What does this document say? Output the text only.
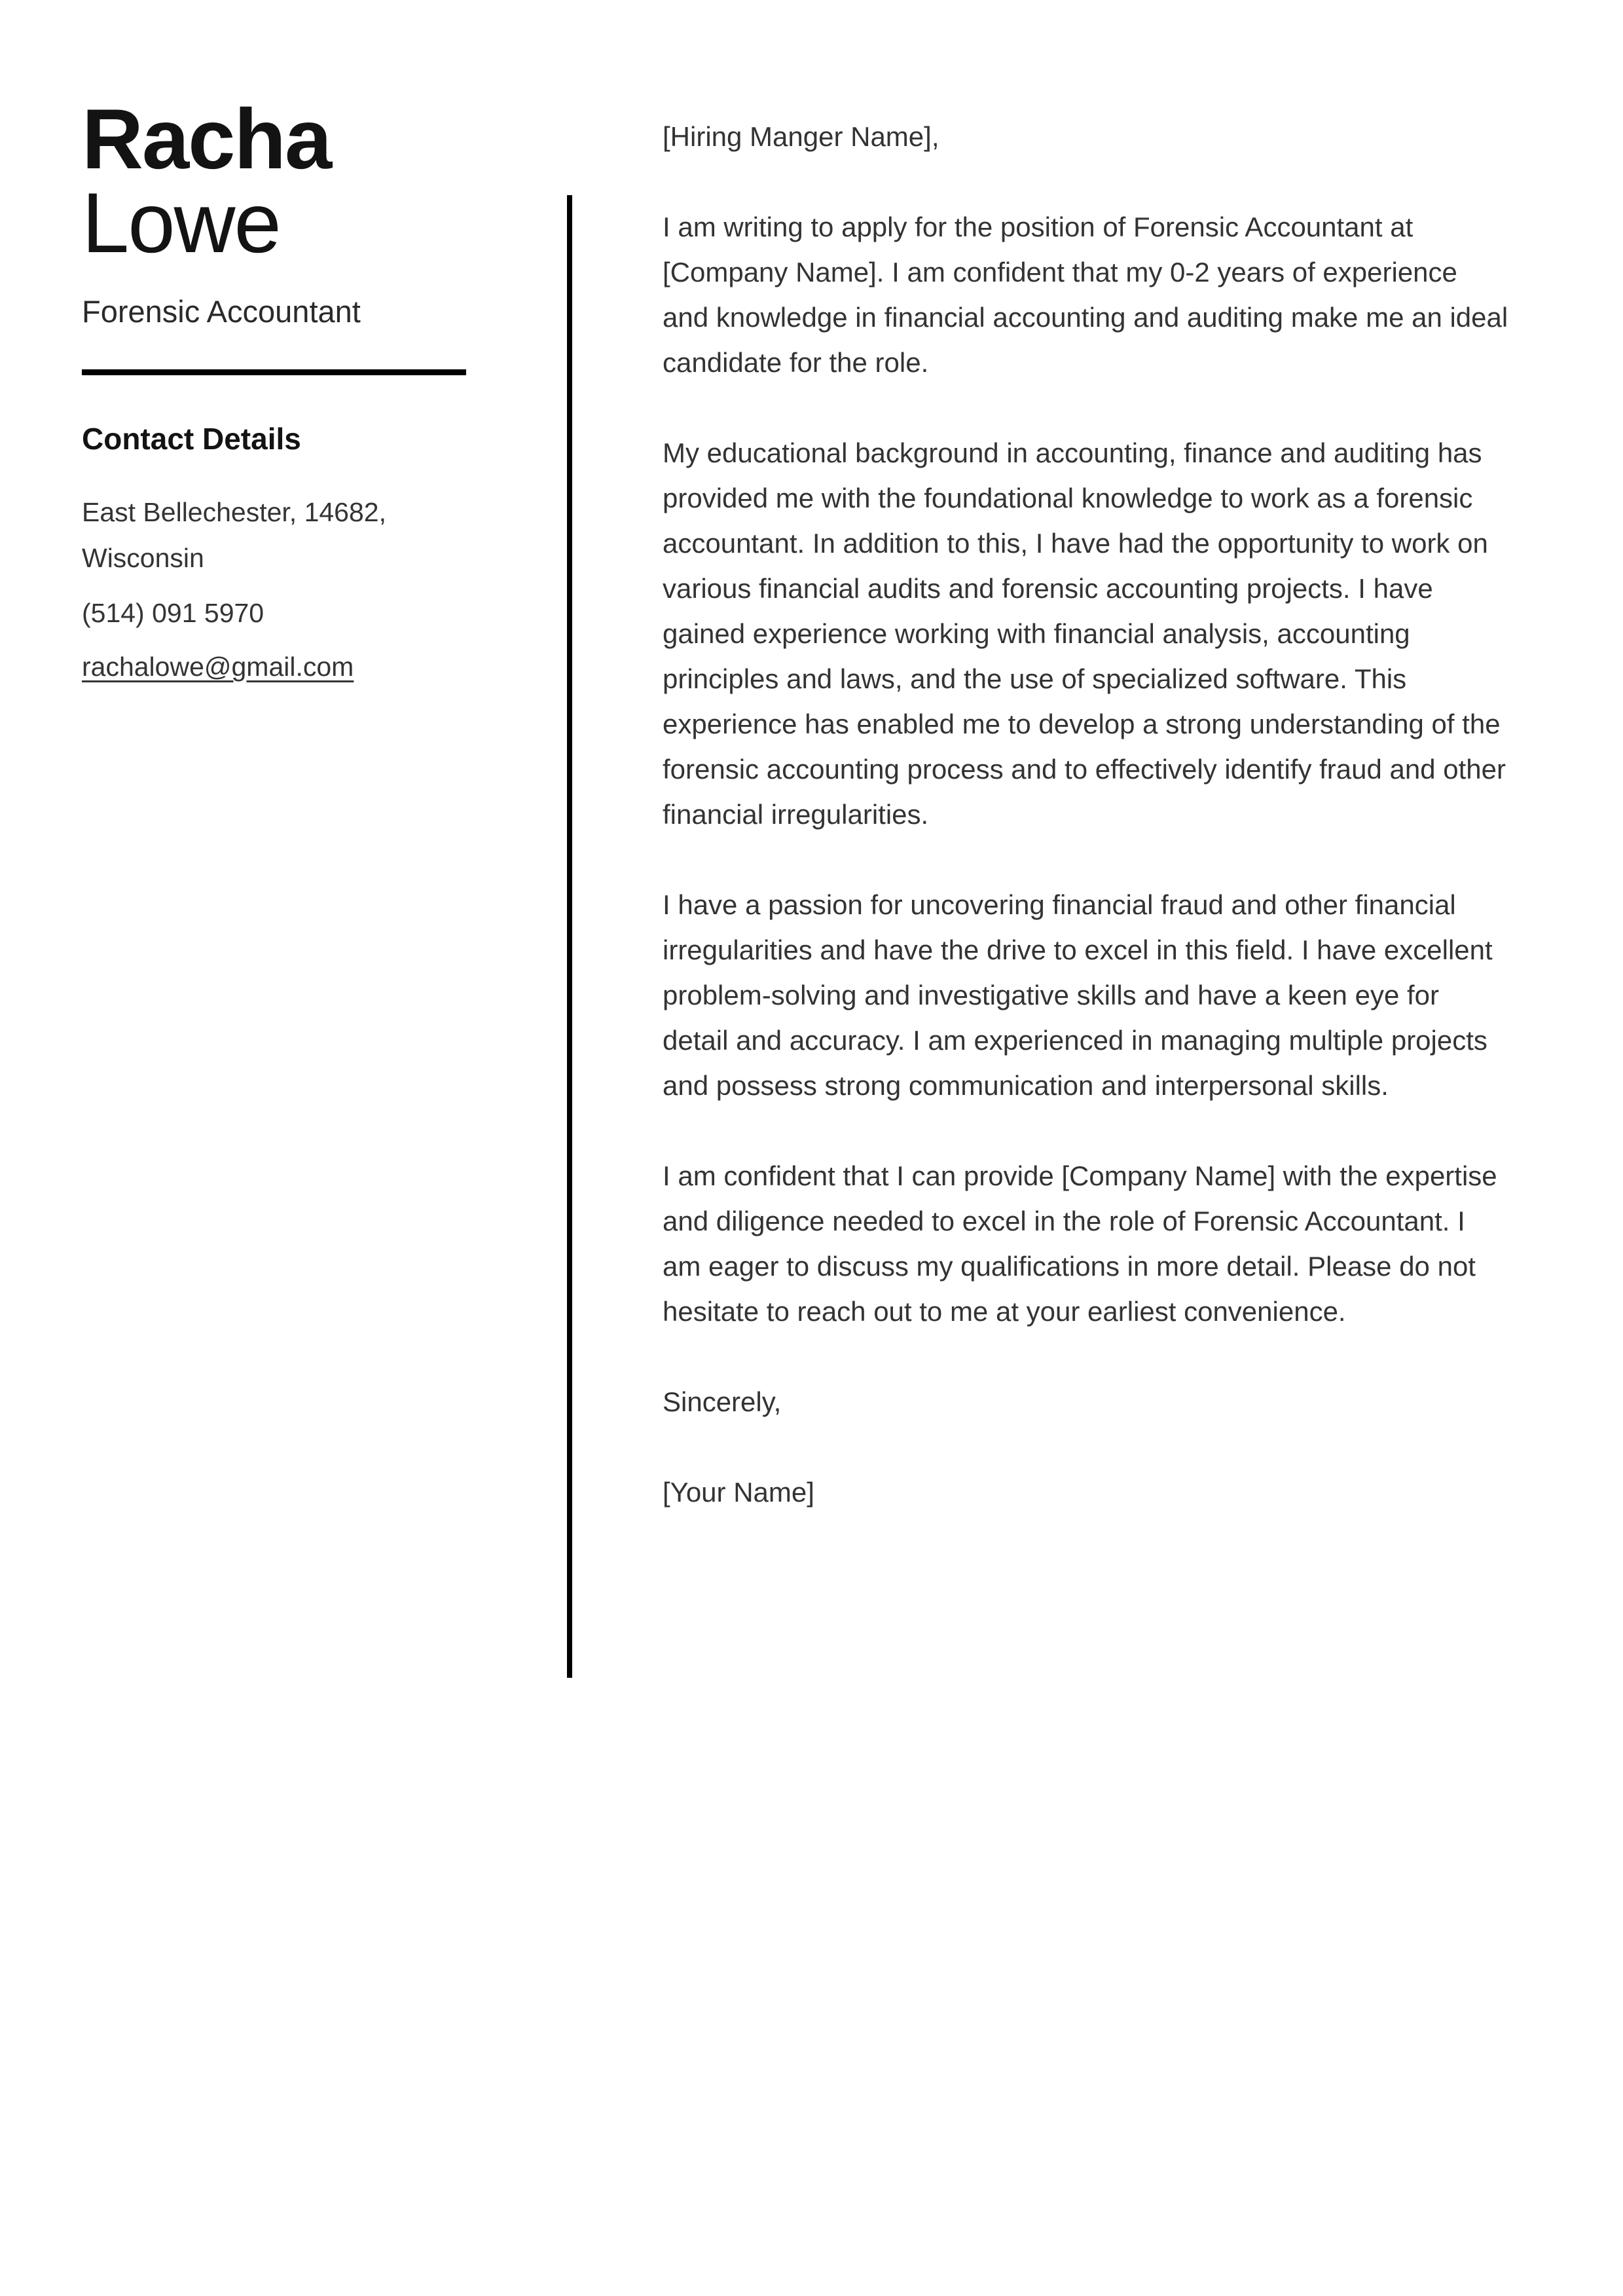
Racha
Lowe
Forensic Accountant
Contact Details

East Bellechester, 14682, Wisconsin

(514) 091 5970

rachalowe@gmail.com

[Hiring Manger Name],

I am writing to apply for the position of Forensic Accountant at [Company Name]. I am confident that my 0-2 years of experience and knowledge in financial accounting and auditing make me an ideal candidate for the role.

My educational background in accounting, finance and auditing has provided me with the foundational knowledge to work as a forensic accountant. In addition to this, I have had the opportunity to work on various financial audits and forensic accounting projects. I have gained experience working with financial analysis, accounting principles and laws, and the use of specialized software. This experience has enabled me to develop a strong understanding of the forensic accounting process and to effectively identify fraud and other financial irregularities.

I have a passion for uncovering financial fraud and other financial irregularities and have the drive to excel in this field. I have excellent problem-solving and investigative skills and have a keen eye for detail and accuracy. I am experienced in managing multiple projects and possess strong communication and interpersonal skills.

I am confident that I can provide [Company Name] with the expertise and diligence needed to excel in the role of Forensic Accountant. I am eager to discuss my qualifications in more detail. Please do not hesitate to reach out to me at your earliest convenience.

Sincerely,

[Your Name]
